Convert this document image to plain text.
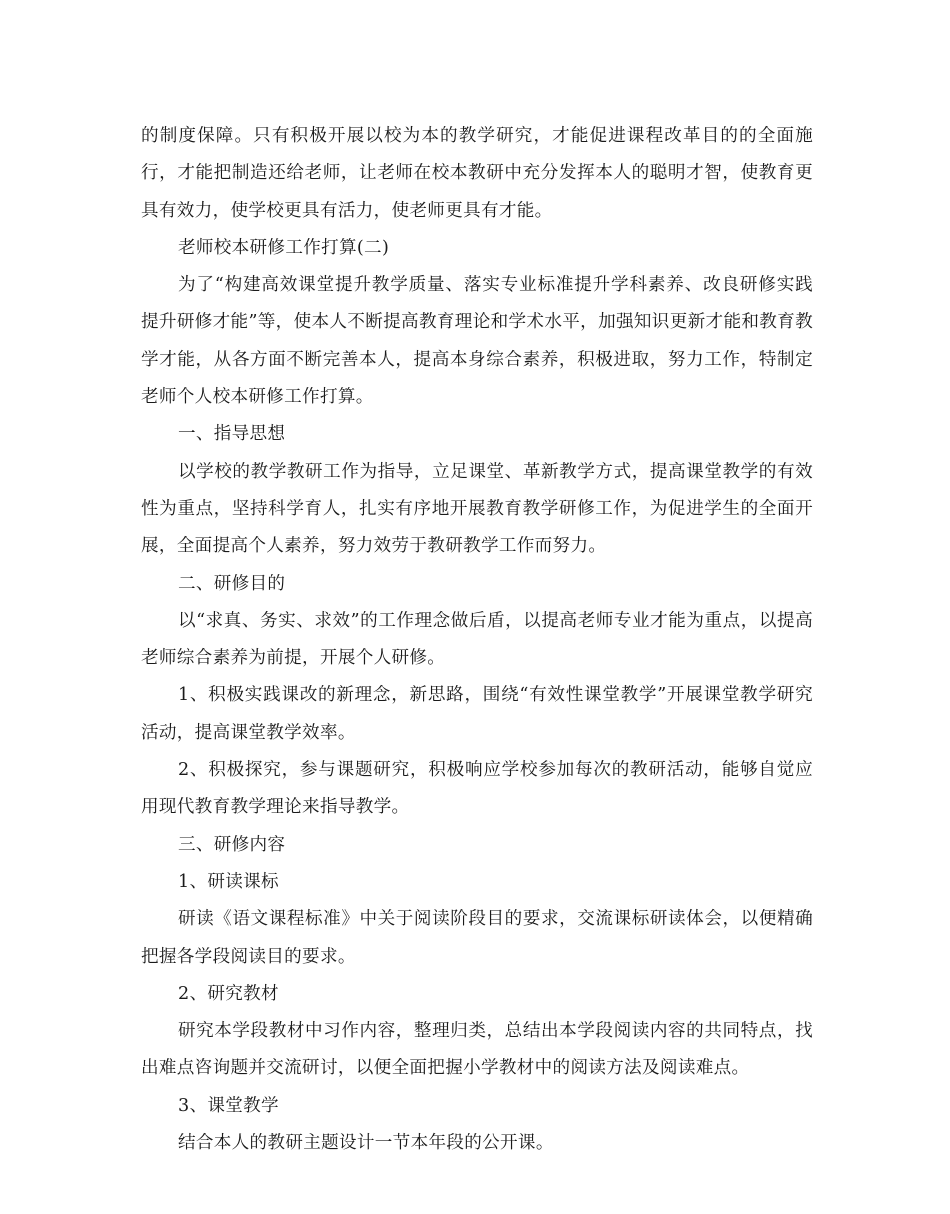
的制度保障。只有积极开展以校为本的教学研究，才能促进课程改革目的的全面施行，才能把制造还给老师，让老师在校本教研中充分发挥本人的聪明才智，使教育更具有效力，使学校更具有活力，使老师更具有才能。

老师校本研修工作打算(二)

为了“构建高效课堂提升教学质量、落实专业标准提升学科素养、改良研修实践提升研修才能”等，使本人不断提高教育理论和学术水平，加强知识更新才能和教育教学才能，从各方面不断完善本人，提高本身综合素养，积极进取，努力工作，特制定老师个人校本研修工作打算。

一、指导思想

以学校的教学教研工作为指导，立足课堂、革新教学方式，提高课堂教学的有效性为重点，坚持科学育人，扎实有序地开展教育教学研修工作，为促进学生的全面开展，全面提高个人素养，努力效劳于教研教学工作而努力。

二、研修目的

以“求真、务实、求效”的工作理念做后盾，以提高老师专业才能为重点，以提高老师综合素养为前提，开展个人研修。

1、积极实践课改的新理念，新思路，围绕“有效性课堂教学”开展课堂教学研究活动，提高课堂教学效率。

2、积极探究，参与课题研究，积极响应学校参加每次的教研活动，能够自觉应用现代教育教学理论来指导教学。

三、研修内容

1、研读课标

研读《语文课程标准》中关于阅读阶段目的要求，交流课标研读体会，以便精确把握各学段阅读目的要求。

2、研究教材

研究本学段教材中习作内容，整理归类，总结出本学段阅读内容的共同特点，找出难点咨询题并交流研讨，以便全面把握小学教材中的阅读方法及阅读难点。

3、课堂教学

结合本人的教研主题设计一节本年段的公开课。
